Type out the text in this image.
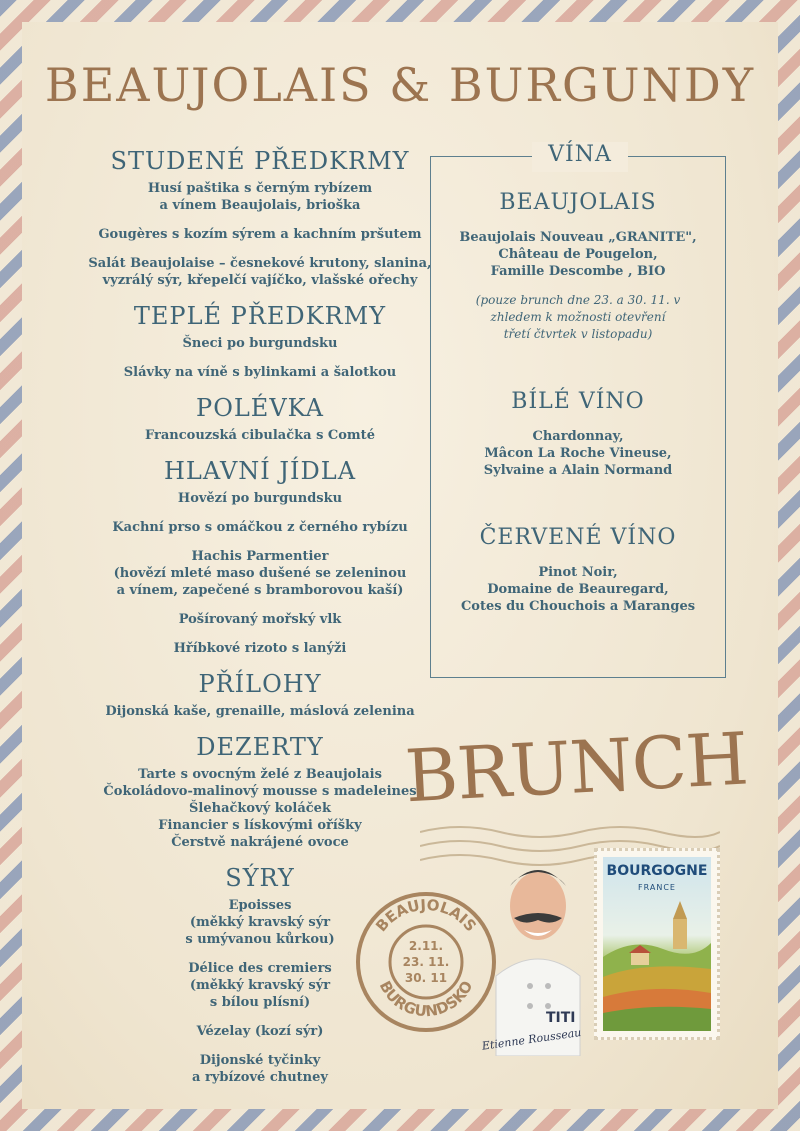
BEAUJOLAIS & BURGUNDY
STUDENÉ PŘEDKRMY
Husí paštika s černým rybízem
a vínem Beaujolais, brioška
Gougères s kozím sýrem a kachním pršutem
Salát Beaujolaise – česnekové krutony, slanina,
vyzrálý sýr, křepelčí vajíčko, vlašské ořechy
TEPLÉ PŘEDKRMY
Šneci po burgundsku
Slávky na víně s bylinkami a šalotkou
POLÉVKA
Francouzská cibulačka s Comté
HLAVNÍ JÍDLA
Hovězí po burgundsku
Kachní prso s omáčkou z černého rybízu
Hachis Parmentier
(hovězí mleté maso dušené se zeleninou
a vínem, zapečené s bramborovou kaší)
Pošírovaný mořský vlk
Hříbkové rizoto s lanýži
PŘÍLOHY
Dijonská kaše, grenaille, máslová zelenina
DEZERTY
Tarte s ovocným želé z Beaujolais
Čokoládovo-malinový mousse s madeleines
Šlehačkový koláček
Financier s lískovými oříšky
Čerstvě nakrájené ovoce
SÝRY
Epoisses
(měkký kravský sýr
s umývanou kůrkou)
Délice des cremiers
(měkký kravský sýr
s bílou plísní)
Vézelay (kozí sýr)
Dijonské tyčinky
a rybízové chutney
VÍNA
BEAUJOLAIS
Beaujolais Nouveau „GRANITE",
Château de Pougelon,
Famille Descombe , BIO
(pouze brunch dne 23. a 30. 11. v
zhledem k možnosti otevření
třetí čtvrtek v listopadu)
BÍLÉ VÍNO
Chardonnay,
Mâcon La Roche Vineuse,
Sylvaine a Alain Normand
ČERVENÉ VÍNO
Pinot Noir,
Domaine de Beauregard,
Cotes du Chouchois a Maranges
BRUNCH
BEAUJOLAIS
BURGUNDSKO
2.11.
23. 11.
30. 11
TITI
Etienne Rousseau
BOURGOGNE
FRANCE
